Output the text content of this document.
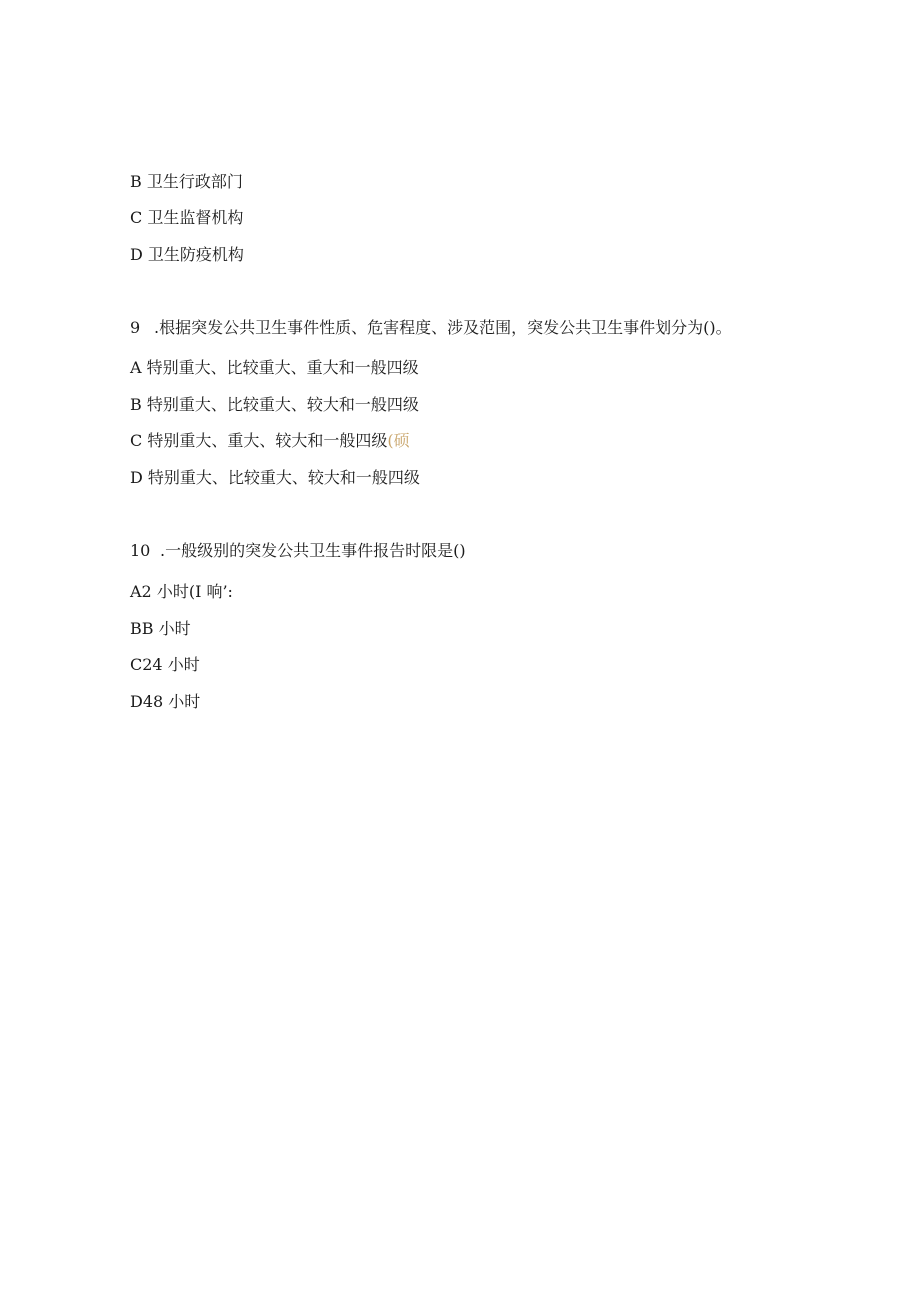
B 卫生行政部门
C 卫生监督机构
D 卫生防疫机构
9 .根据突发公共卫生事件性质、危害程度、涉及范围，突发公共卫生事件划分为()。
A 特别重大、比较重大、重大和一般四级
B 特别重大、比较重大、较大和一般四级
C 特别重大、重大、较大和一般四级(硕
D 特别重大、比较重大、较大和一般四级
10 .一般级别的突发公共卫生事件报告时限是()
A2 小时(I 响’:
BB 小时
C24 小时
D48 小时
